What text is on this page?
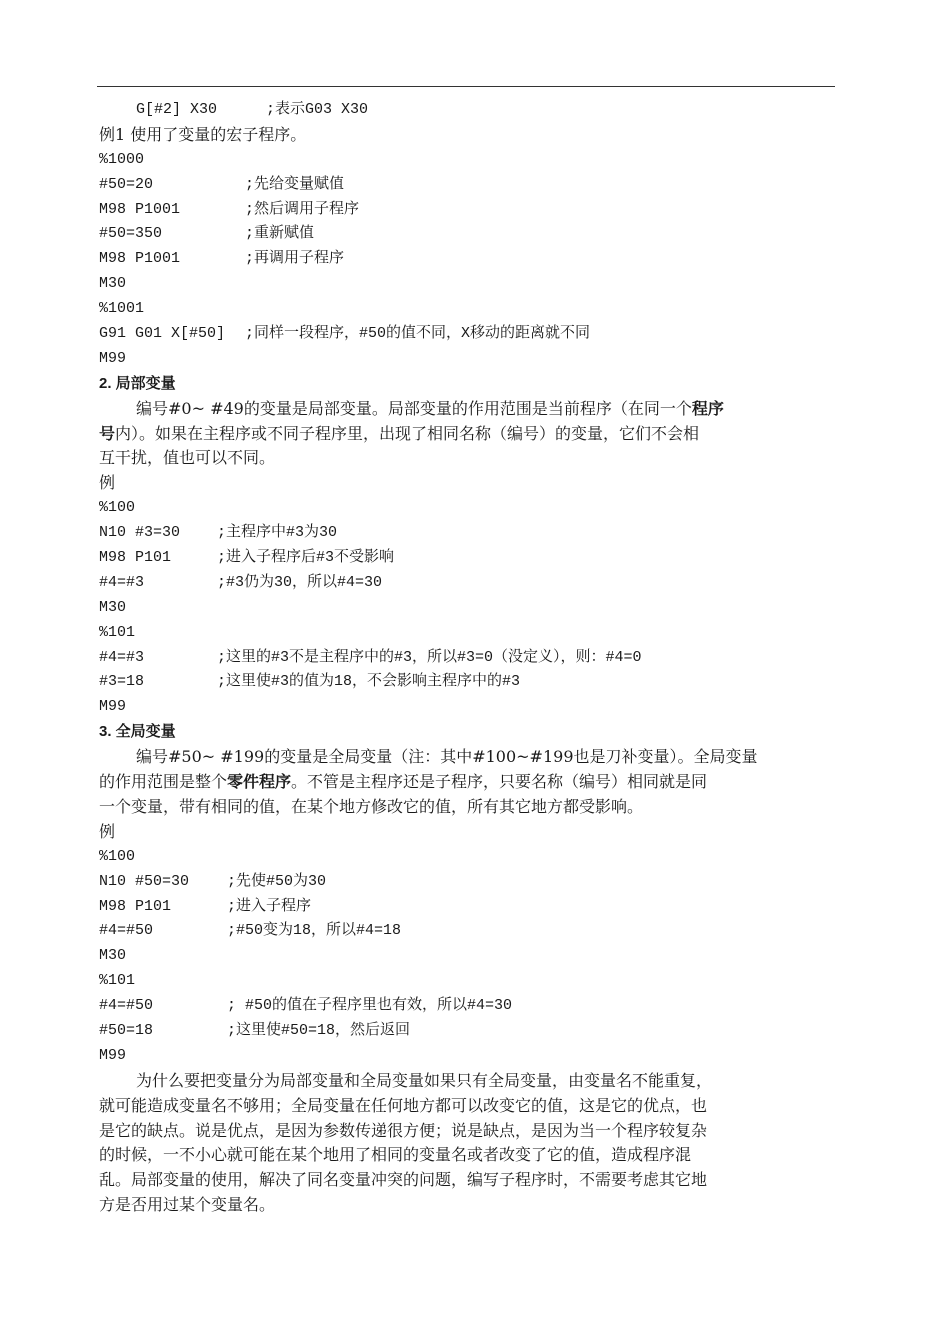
G[#2] X30	;表示G03 X30
例1 使用了变量的宏子程序。
%1000
#50=20	;先给变量赋值
M98 P1001	;然后调用子程序
#50=350	;重新赋值
M98 P1001	;再调用子程序
M30
%1001
G91 G01 X[#50] ;同样一段程序，#50的值不同，X移动的距离就不同
M99
2. 局部变量
编号#0~ #49的变量是局部变量。局部变量的作用范围是当前程序（在同一个程序
号内）。如果在主程序或不同子程序里，出现了相同名称（编号）的变量，它们不会相
互干扰，值也可以不同。
例
%100
N10 #3=30 ;主程序中#3为30
M98 P101	;进入子程序后#3不受影响
#4=#3	;#3仍为30，所以#4=30
M30
%101
#4=#3	;这里的#3不是主程序中的#3，所以#3=0（没定义），则：#4=0
#3=18	;这里使#3的值为18，不会影响主程序中的#3
M99
3. 全局变量
编号#50~ #199的变量是全局变量（注：其中#100~#199也是刀补变量）。全局变量
的作用范围是整个零件程序。不管是主程序还是子程序，只要名称（编号）相同就是同
一个变量，带有相同的值，在某个地方修改它的值，所有其它地方都受影响。
例
%100
N10 #50=30	;先使#50为30
M98 P101	;进入子程序
#4=#50	;#50变为18，所以#4=18
M30
%101
#4=#50	; #50的值在子程序里也有效，所以#4=30
#50=18	;这里使#50=18，然后返回
M99
为什么要把变量分为局部变量和全局变量如果只有全局变量，由变量名不能重复，
就可能造成变量名不够用；全局变量在任何地方都可以改变它的值，这是它的优点，也
是它的缺点。说是优点，是因为参数传递很方便；说是缺点，是因为当一个程序较复杂
的时候，一不小心就可能在某个地用了相同的变量名或者改变了它的值，造成程序混
乱。局部变量的使用，解决了同名变量冲突的问题，编写子程序时，不需要考虑其它地
方是否用过某个变量名。
